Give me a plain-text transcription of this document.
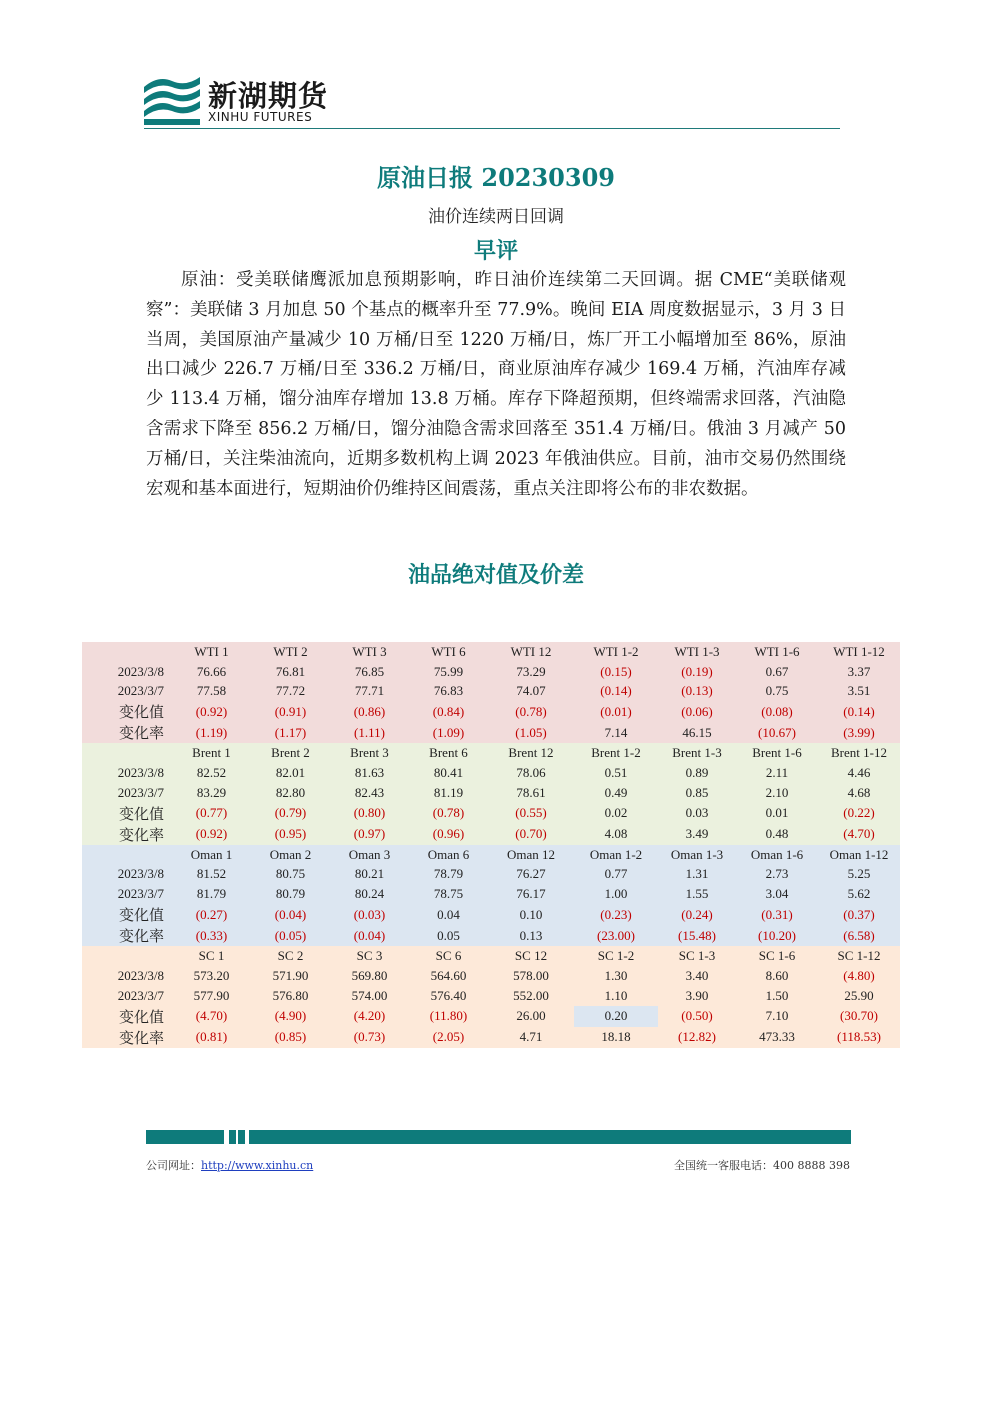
新湖期货
XINHU FUTURES
原油日报 20230309
油价连续两日回调
早评
原油：受美联储鹰派加息预期影响，昨日油价连续第二天回调。据 CME“美联储观察”：美联储 3 月加息 50 个基点的概率升至 77.9%。晚间 EIA 周度数据显示，3 月 3 日当周，美国原油产量减少 10 万桶/日至 1220 万桶/日，炼厂开工小幅增加至 86%，原油出口减少 226.7 万桶/日至 336.2 万桶/日，商业原油库存减少 169.4 万桶，汽油库存减少 113.4 万桶，馏分油库存增加 13.8 万桶。库存下降超预期，但终端需求回落，汽油隐含需求下降至 856.2 万桶/日，馏分油隐含需求回落至 351.4 万桶/日。俄油 3 月减产 50 万桶/日，关注柴油流向，近期多数机构上调 2023 年俄油供应。目前，油市交易仍然围绕宏观和基本面进行，短期油价仍维持区间震荡，重点关注即将公布的非农数据。
油品绝对值及价差
	WTI 1	WTI 2	WTI 3	WTI 6	WTI 12	WTI 1-2	WTI 1-3	WTI 1-6	WTI 1-12
2023/3/8	76.66	76.81	76.85	75.99	73.29	(0.15)	(0.19)	0.67	3.37
2023/3/7	77.58	77.72	77.71	76.83	74.07	(0.14)	(0.13)	0.75	3.51
变化值	(0.92)	(0.91)	(0.86)	(0.84)	(0.78)	(0.01)	(0.06)	(0.08)	(0.14)
变化率	(1.19)	(1.17)	(1.11)	(1.09)	(1.05)	7.14	46.15	(10.67)	(3.99)
	Brent 1	Brent 2	Brent 3	Brent 6	Brent 12	Brent 1-2	Brent 1-3	Brent 1-6	Brent 1-12
2023/3/8	82.52	82.01	81.63	80.41	78.06	0.51	0.89	2.11	4.46
2023/3/7	83.29	82.80	82.43	81.19	78.61	0.49	0.85	2.10	4.68
变化值	(0.77)	(0.79)	(0.80)	(0.78)	(0.55)	0.02	0.03	0.01	(0.22)
变化率	(0.92)	(0.95)	(0.97)	(0.96)	(0.70)	4.08	3.49	0.48	(4.70)
	Oman 1	Oman 2	Oman 3	Oman 6	Oman 12	Oman 1-2	Oman 1-3	Oman 1-6	Oman 1-12
2023/3/8	81.52	80.75	80.21	78.79	76.27	0.77	1.31	2.73	5.25
2023/3/7	81.79	80.79	80.24	78.75	76.17	1.00	1.55	3.04	5.62
变化值	(0.27)	(0.04)	(0.03)	0.04	0.10	(0.23)	(0.24)	(0.31)	(0.37)
变化率	(0.33)	(0.05)	(0.04)	0.05	0.13	(23.00)	(15.48)	(10.20)	(6.58)
	SC 1	SC 2	SC 3	SC 6	SC 12	SC 1-2	SC 1-3	SC 1-6	SC 1-12
2023/3/8	573.20	571.90	569.80	564.60	578.00	1.30	3.40	8.60	(4.80)
2023/3/7	577.90	576.80	574.00	576.40	552.00	1.10	3.90	1.50	25.90
变化值	(4.70)	(4.90)	(4.20)	(11.80)	26.00	0.20	(0.50)	7.10	(30.70)
变化率	(0.81)	(0.85)	(0.73)	(2.05)	4.71	18.18	(12.82)	473.33	(118.53)
公司网址：http://www.xinhu.cn	全国统一客服电话：400 8888 398
